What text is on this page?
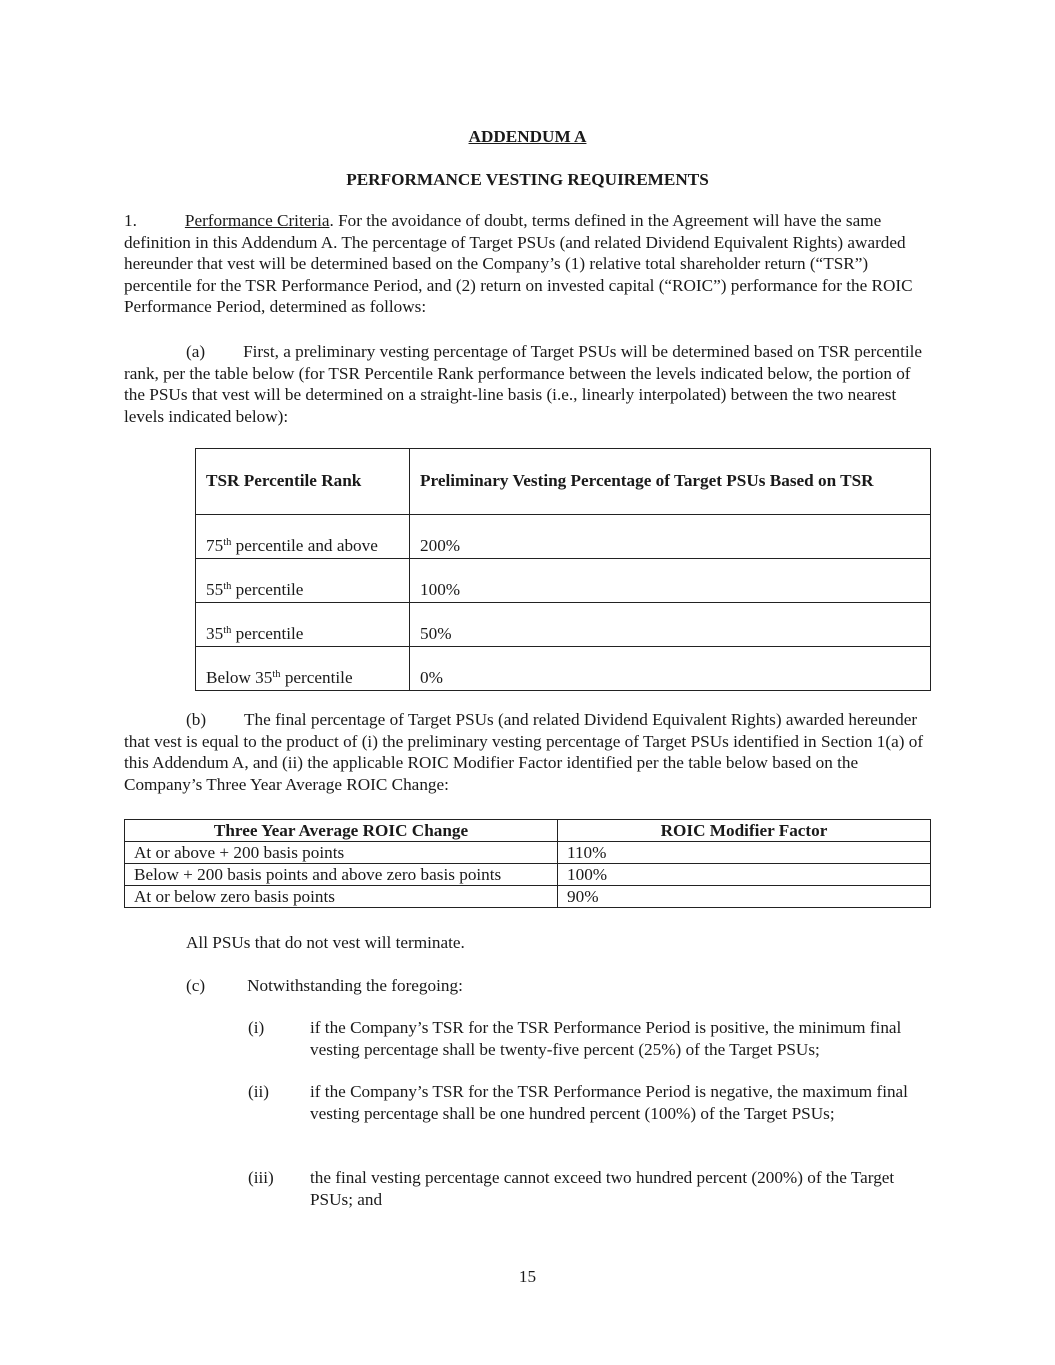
ADDENDUM A
PERFORMANCE VESTING REQUIREMENTS
1.	Performance Criteria. For the avoidance of doubt, terms defined in the Agreement will have the same definition in this Addendum A. The percentage of Target PSUs (and related Dividend Equivalent Rights) awarded hereunder that vest will be determined based on the Company’s (1) relative total shareholder return (“TSR”) percentile for the TSR Performance Period, and (2) return on invested capital (“ROIC”) performance for the ROIC Performance Period, determined as follows:
(a) First, a preliminary vesting percentage of Target PSUs will be determined based on TSR percentile rank, per the table below (for TSR Percentile Rank performance between the levels indicated below, the portion of the PSUs that vest will be determined on a straight-line basis (i.e., linearly interpolated) between the two nearest levels indicated below):
TSR Percentile Rank	Preliminary Vesting Percentage of Target PSUs Based on TSR
75th percentile and above	200%
55th percentile	100%
35th percentile	50%
Below 35th percentile	0%
(b) The final percentage of Target PSUs (and related Dividend Equivalent Rights) awarded hereunder that vest is equal to the product of (i) the preliminary vesting percentage of Target PSUs identified in Section 1(a) of this Addendum A, and (ii) the applicable ROIC Modifier Factor identified per the table below based on the Company’s Three Year Average ROIC Change:
Three Year Average ROIC Change	ROIC Modifier Factor
At or above + 200 basis points	110%
Below + 200 basis points and above zero basis points	100%
At or below zero basis points	90%
All PSUs that do not vest will terminate.
(c) Notwithstanding the foregoing:
(i)	if the Company’s TSR for the TSR Performance Period is positive, the minimum final vesting percentage shall be twenty-five percent (25%) of the Target PSUs;
(ii) if the Company’s TSR for the TSR Performance Period is negative, the maximum final vesting percentage shall be one hundred percent (100%) of the Target PSUs;
(iii) the final vesting percentage cannot exceed two hundred percent (200%) of the Target PSUs; and
15
